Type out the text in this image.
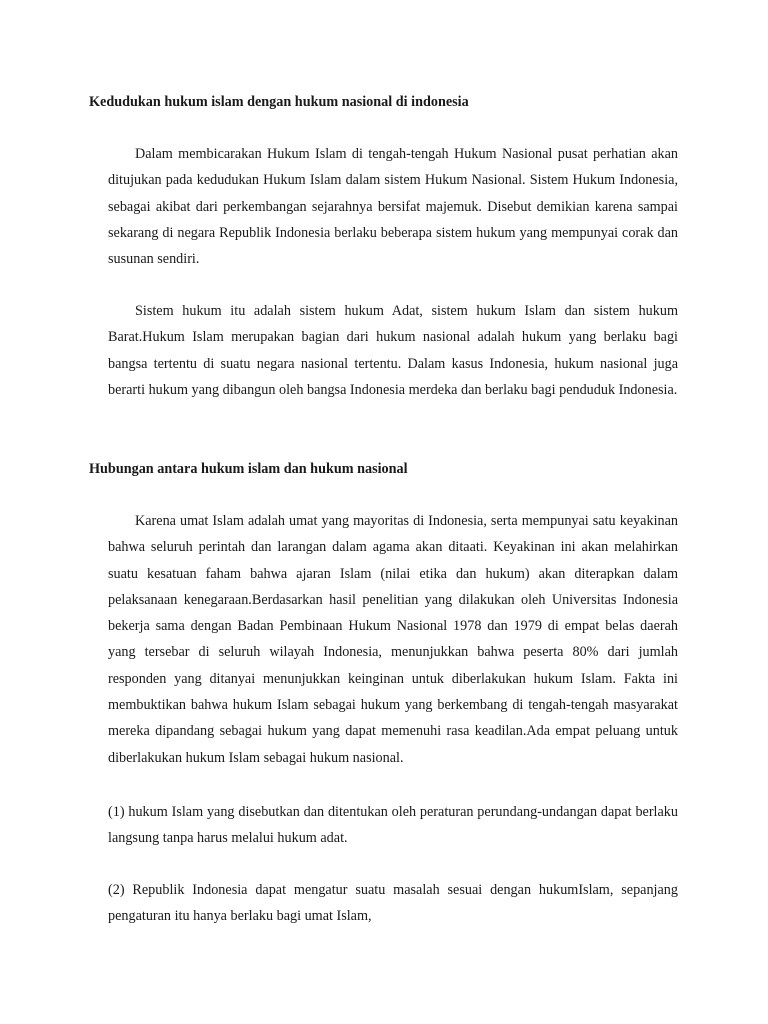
Kedudukan hukum islam dengan hukum nasional di indonesia

Dalam membicarakan Hukum Islam di tengah-tengah Hukum Nasional pusat perhatian akan ditujukan pada kedudukan Hukum Islam dalam sistem Hukum Nasional. Sistem Hukum Indonesia, sebagai akibat dari perkembangan sejarahnya bersifat majemuk. Disebut demikian karena sampai sekarang di negara Republik Indonesia berlaku beberapa sistem hukum yang mempunyai corak dan susunan sendiri.

Sistem hukum itu adalah sistem hukum Adat, sistem hukum Islam dan sistem hukum Barat.Hukum Islam merupakan bagian dari hukum nasional adalah hukum yang berlaku bagi bangsa tertentu di suatu negara nasional tertentu. Dalam kasus Indonesia, hukum nasional juga berarti hukum yang dibangun oleh bangsa Indonesia merdeka dan berlaku bagi penduduk Indonesia.

Hubungan antara hukum islam dan hukum nasional

Karena umat Islam adalah umat yang mayoritas di Indonesia, serta mempunyai satu keyakinan bahwa seluruh perintah dan larangan dalam agama akan ditaati. Keyakinan ini akan melahirkan suatu kesatuan faham bahwa ajaran Islam (nilai etika dan hukum) akan diterapkan dalam pelaksanaan kenegaraan.Berdasarkan hasil penelitian yang dilakukan oleh Universitas Indonesia bekerja sama dengan Badan Pembinaan Hukum Nasional 1978 dan 1979 di empat belas daerah yang tersebar di seluruh wilayah Indonesia, menunjukkan bahwa peserta 80% dari jumlah responden yang ditanyai menunjukkan keinginan untuk diberlakukan hukum Islam. Fakta ini membuktikan bahwa hukum Islam sebagai hukum yang berkembang di tengah-tengah masyarakat mereka dipandang sebagai hukum yang dapat memenuhi rasa keadilan.Ada empat peluang untuk diberlakukan hukum Islam sebagai hukum nasional.

(1) hukum Islam yang disebutkan dan ditentukan oleh peraturan perundang-undangan dapat berlaku langsung tanpa harus melalui hukum adat.

(2) Republik Indonesia dapat mengatur suatu masalah sesuai dengan hukumIslam, sepanjang pengaturan itu hanya berlaku bagi umat Islam,
